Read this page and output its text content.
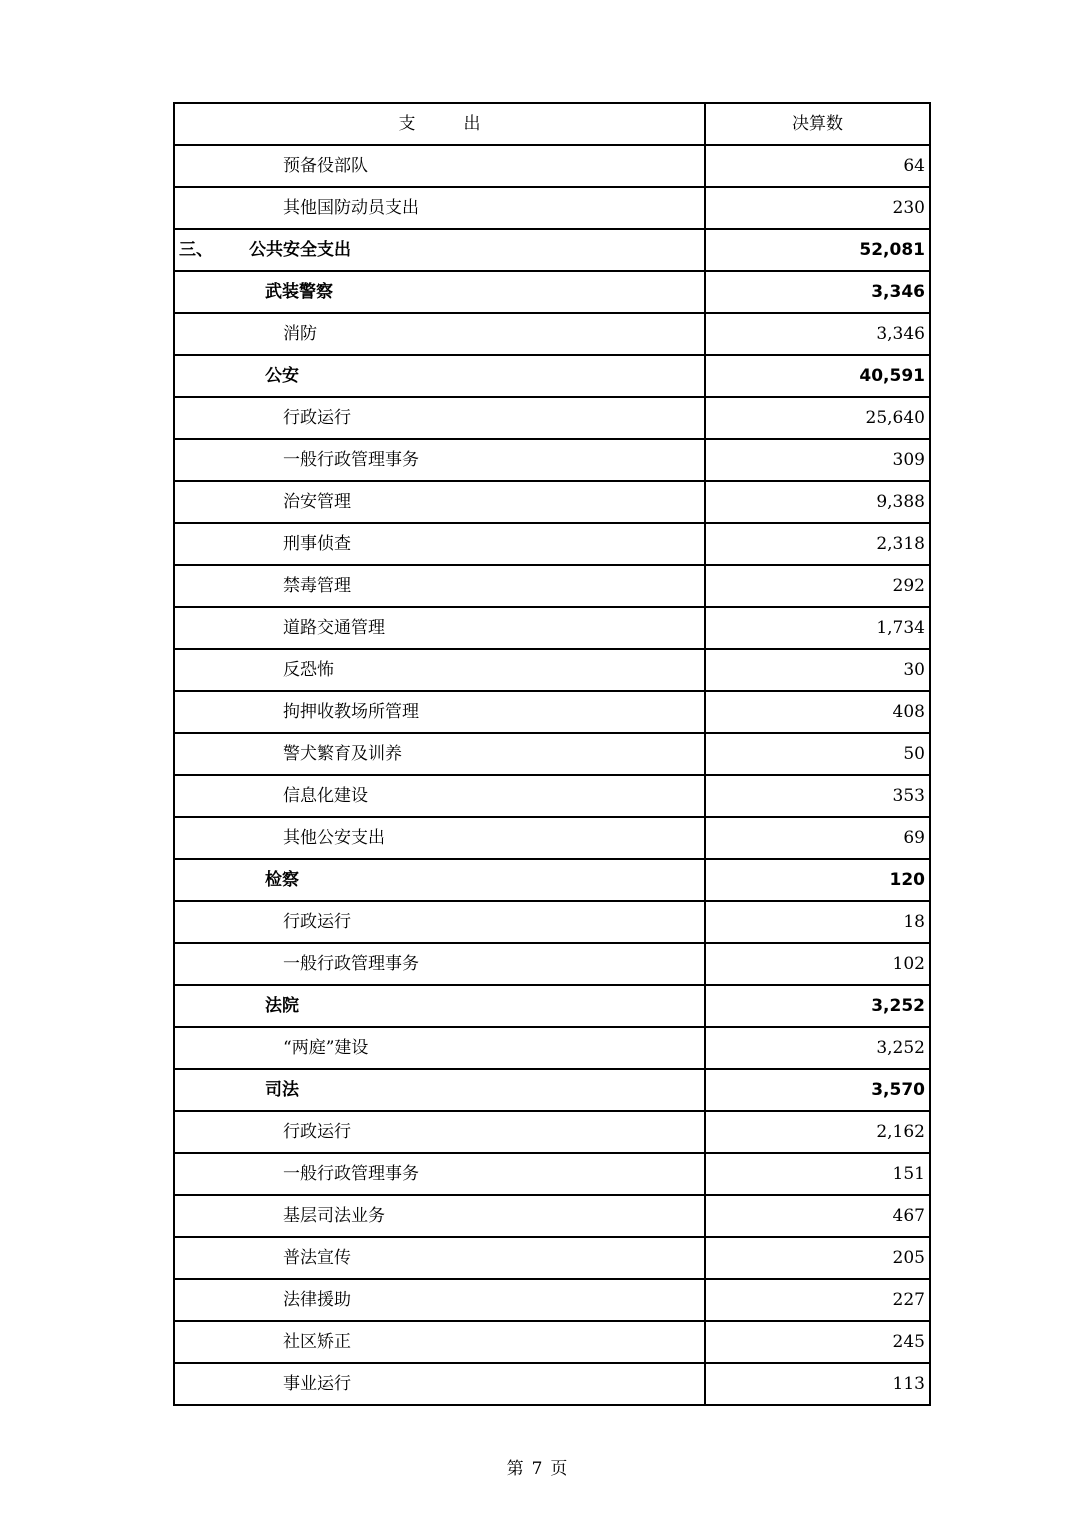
支 出	决算数
预备役部队	64
其他国防动员支出	230
三、 公共安全支出	52,081
武装警察	3,346
消防	3,346
公安	40,591
行政运行	25,640
一般行政管理事务	309
治安管理	9,388
刑事侦查	2,318
禁毒管理	292
道路交通管理	1,734
反恐怖	30
拘押收教场所管理	408
警犬繁育及训养	50
信息化建设	353
其他公安支出	69
检察	120
行政运行	18
一般行政管理事务	102
法院	3,252
“两庭”建设	3,252
司法	3,570
行政运行	2,162
一般行政管理事务	151
基层司法业务	467
普法宣传	205
法律援助	227
社区矫正	245
事业运行	113
第 7 页
